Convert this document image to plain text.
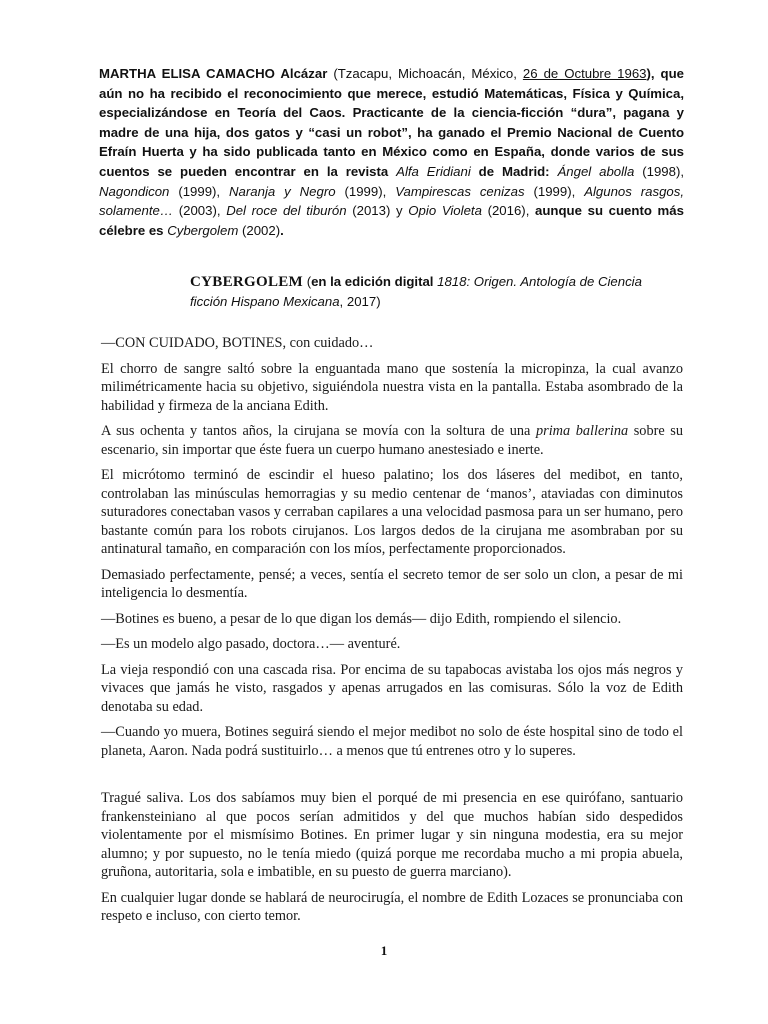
MARTHA ELISA CAMACHO Alcázar (Tzacapu, Michoacán, México, 26 de Octubre 1963), que aún no ha recibido el reconocimiento que merece, estudió Matemáticas, Física y Química, especializándose en Teoría del Caos. Practicante de la ciencia-ficción “dura”, pagana y madre de una hija, dos gatos y “casi un robot”, ha ganado el Premio Nacional de Cuento Efraín Huerta y ha sido publicada tanto en México como en España, donde varios de sus cuentos se pueden encontrar en la revista Alfa Eridiani de Madrid: Ángel abolla (1998), Nagondicon (1999), Naranja y Negro (1999), Vampirescas cenizas (1999), Algunos rasgos, solamente… (2003), Del roce del tiburón (2013) y Opio Violeta (2016), aunque su cuento más célebre es Cybergolem (2002).

CYBERGOLEM (en la edición digital 1818: Origen. Antología de Ciencia ficción Hispano Mexicana, 2017)

—CON CUIDADO, BOTINES, con cuidado…

El chorro de sangre saltó sobre la enguantada mano que sostenía la micropinza, la cual avanzo milimétricamente hacia su objetivo, siguiéndola nuestra vista en la pantalla. Estaba asombrado de la habilidad y firmeza de la anciana Edith.

A sus ochenta y tantos años, la cirujana se movía con la soltura de una prima ballerina sobre su escenario, sin importar que éste fuera un cuerpo humano anestesiado e inerte.

El micrótomo terminó de escindir el hueso palatino; los dos láseres del medibot, en tanto, controlaban las minúsculas hemorragias y su medio centenar de ‘manos’, ataviadas con diminutos suturadores conectaban vasos y cerraban capilares a una velocidad pasmosa para un ser humano, pero bastante común para los robots cirujanos. Los largos dedos de la cirujana me asombraban por su antinatural tamaño, en comparación con los míos, perfectamente proporcionados.

Demasiado perfectamente, pensé; a veces, sentía el secreto temor de ser solo un clon, a pesar de mi inteligencia lo desmentía.

—Botines es bueno, a pesar de lo que digan los demás— dijo Edith, rompiendo el silencio.

—Es un modelo algo pasado, doctora…— aventuré.

La vieja respondió con una cascada risa. Por encima de su tapabocas avistaba los ojos más negros y vivaces que jamás he visto, rasgados y apenas arrugados en las comisuras. Sólo la voz de Edith denotaba su edad.

—Cuando yo muera, Botines seguirá siendo el mejor medibot no solo de éste hospital sino de todo el planeta, Aaron. Nada podrá sustituirlo… a menos que tú entrenes otro y lo superes.

Tragué saliva. Los dos sabíamos muy bien el porqué de mi presencia en ese quirófano, santuario frankensteiniano al que pocos serían admitidos y del que muchos habían sido despedidos violentamente por el mismísimo Botines. En primer lugar y sin ninguna modestia, era su mejor alumno; y por supuesto, no le tenía miedo (quizá porque me recordaba mucho a mi propia abuela, gruñona, autoritaria, sola e imbatible, en su puesto de guerra marciano).

En cualquier lugar donde se hablará de neurocirugía, el nombre de Edith Lozaces se pronunciaba con respeto e incluso, con cierto temor.

1
